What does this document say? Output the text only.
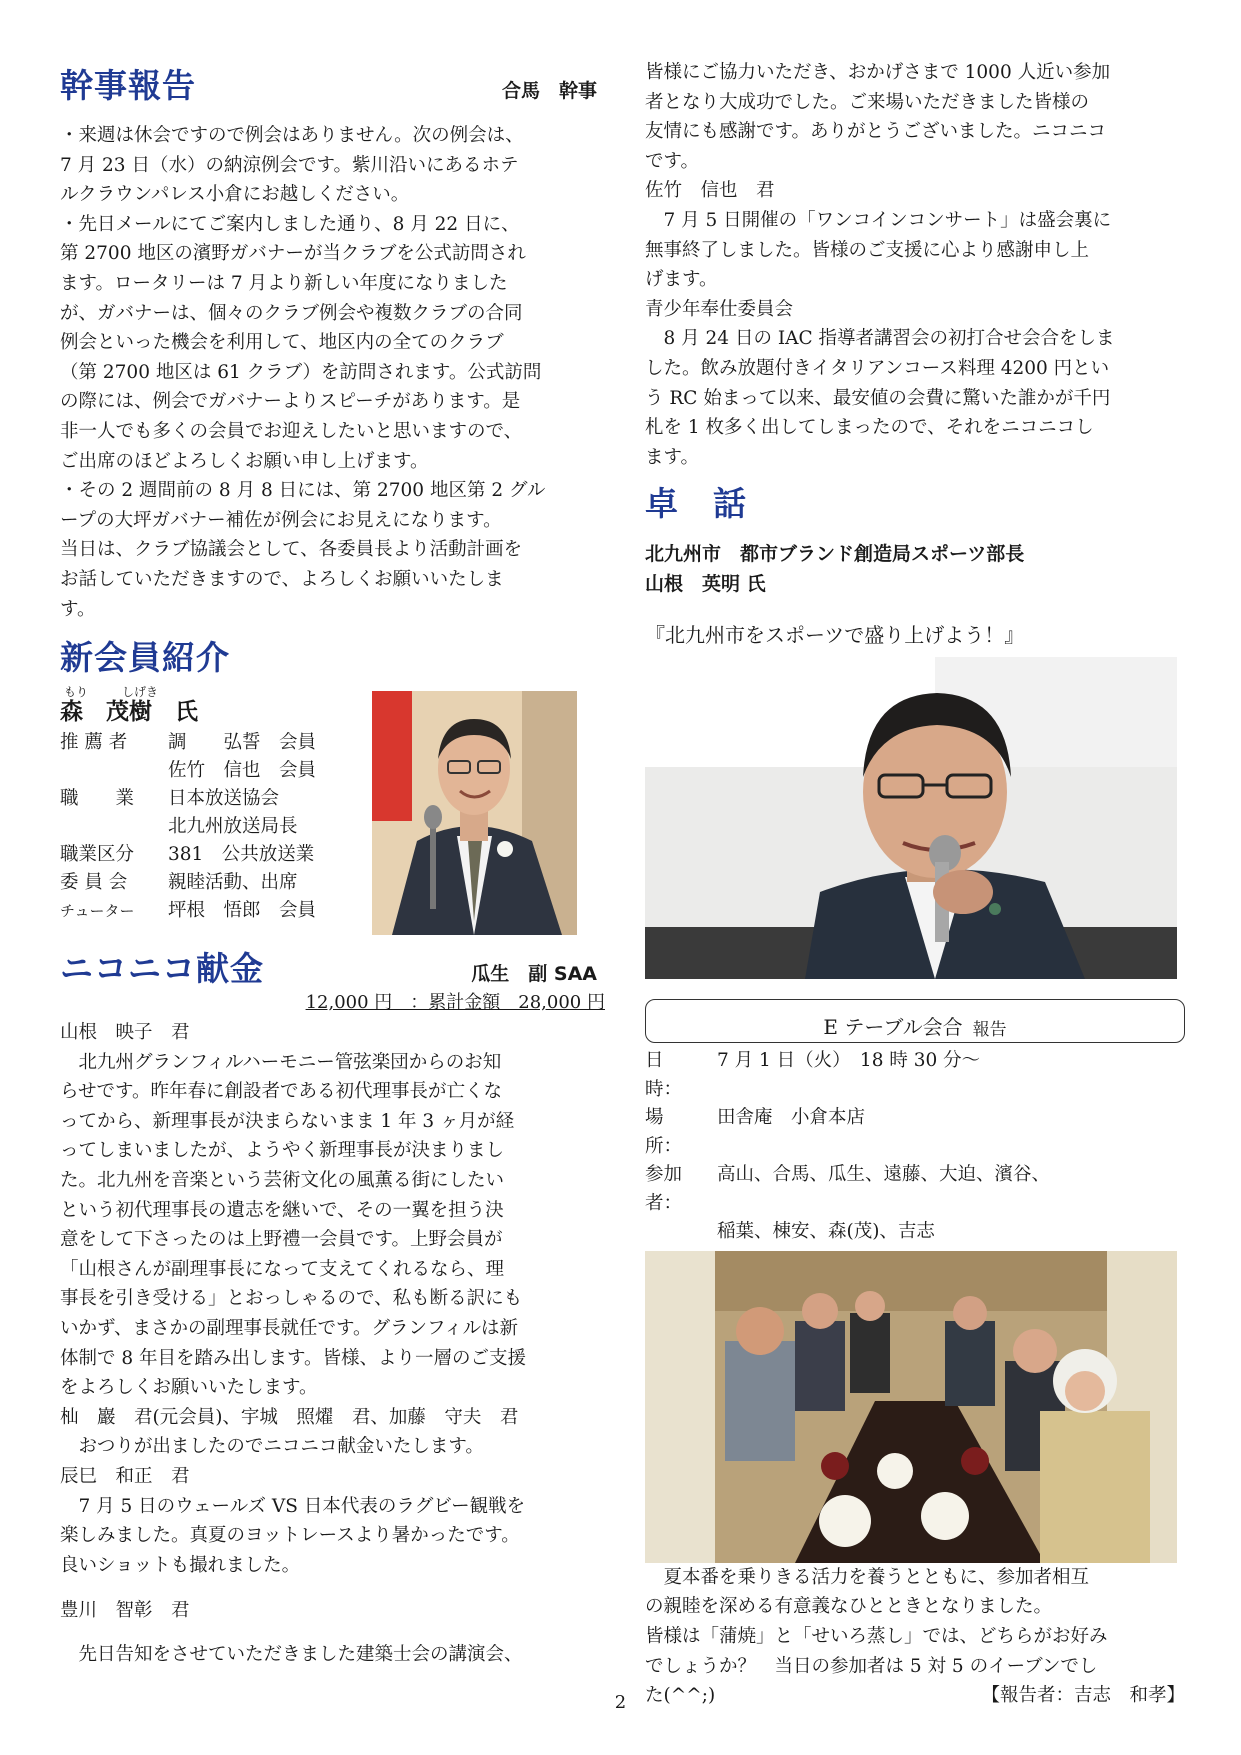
幹事報告	合馬　幹事

・来週は休会ですので例会はありません。次の例会は、

7 月 23 日（水）の納涼例会です。紫川沿いにあるホテ

ルクラウンパレス小倉にお越しください。

・先日メールにてご案内しました通り、8 月 22 日に、

第 2700 地区の濱野ガバナーが当クラブを公式訪問され

ます。ロータリーは 7 月より新しい年度になりました

が、ガバナーは、個々のクラブ例会や複数クラブの合同

例会といった機会を利用して、地区内の全てのクラブ

（第 2700 地区は 61 クラブ）を訪問されます。公式訪問

の際には、例会でガバナーよりスピーチがあります。是

非一人でも多くの会員でお迎えしたいと思いますので、

ご出席のほどよろしくお願い申し上げます。

・その 2 週間前の 8 月 8 日には、第 2700 地区第 2 グル

ープの大坪ガバナー補佐が例会にお見えになります。

当日は、クラブ協議会として、各委員長より活動計画を

お話していただきますので、よろしくお願いいたしま

す。

新会員紹介
もり	しげき
森　 茂樹　 氏
推 薦 者	調　　弘誓　会員
佐竹　信也　会員
職　　業	日本放送協会
北九州放送局長
職業区分	381　公共放送業
委 員 会	親睦活動、出席
チューター	坪根　悟郎　会員
ニコニコ献金	瓜生　副 SAA

12,000 円　：累計金額　28,000 円

山根　映子　君

　北九州グランフィルハーモニー管弦楽団からのお知

らせです。昨年春に創設者である初代理事長が亡くな

ってから、新理事長が決まらないまま 1 年 3 ヶ月が経

ってしまいましたが、ようやく新理事長が決まりまし

た。北九州を音楽という芸術文化の風薫る街にしたい

という初代理事長の遺志を継いで、その一翼を担う決

意をして下さったのは上野禮一会員です。上野会員が

「山根さんが副理事長になって支えてくれるなら、理

事長を引き受ける」とおっしゃるので、私も断る訳にも

いかず、まさかの副理事長就任です。グランフィルは新

体制で 8 年目を踏み出します。皆様、より一層のご支援

をよろしくお願いいたします。

杣　巖　君(元会員)、宇城　照燿　君、加藤　守夫　君

　おつりが出ましたのでニコニコ献金いたします。

辰巳　和正　君

　7 月 5 日のウェールズ VS 日本代表のラグビー観戦を

楽しみました。真夏のヨットレースより暑かったです。

良いショットも撮れました。

豊川　智彰　君

　先日告知をさせていただきました建築士会の講演会、

皆様にご協力いただき、おかげさまで 1000 人近い参加

者となり大成功でした。ご来場いただきました皆様の

友情にも感謝です。ありがとうございました。ニコニコ

です。

佐竹　信也　君

　7 月 5 日開催の「ワンコインコンサート」は盛会裏に

無事終了しました。皆様のご支援に心より感謝申し上

げます。

青少年奉仕委員会

　8 月 24 日の IAC 指導者講習会の初打合せ会合をしま

した。飲み放題付きイタリアンコース料理 4200 円とい

う RC 始まって以来、最安値の会費に驚いた誰かが千円

札を 1 枚多く出してしまったので、それをニコニコし

ます。

卓　話

北九州市　都市ブランド創造局スポーツ部長

山根　英明 氏

『北九州市をスポーツで盛り上げよう！』

E テーブル会合 報告
日　時：
7 月 1 日（火）　18 時 30 分～
場　所：
田舎庵　小倉本店
参加者：
高山、合馬、瓜生、遠藤、大迫、濱谷、
稲葉、棟安、森(茂)、吉志

　夏本番を乗りきる活力を養うとともに、参加者相互

の親睦を深める有意義なひとときとなりました。

皆様は「蒲焼」と「せいろ蒸し」では、どちらがお好み

でしょうか？　当日の参加者は 5 対 5 のイーブンでし

た(^^;)	【報告者：吉志　和孝】
2
